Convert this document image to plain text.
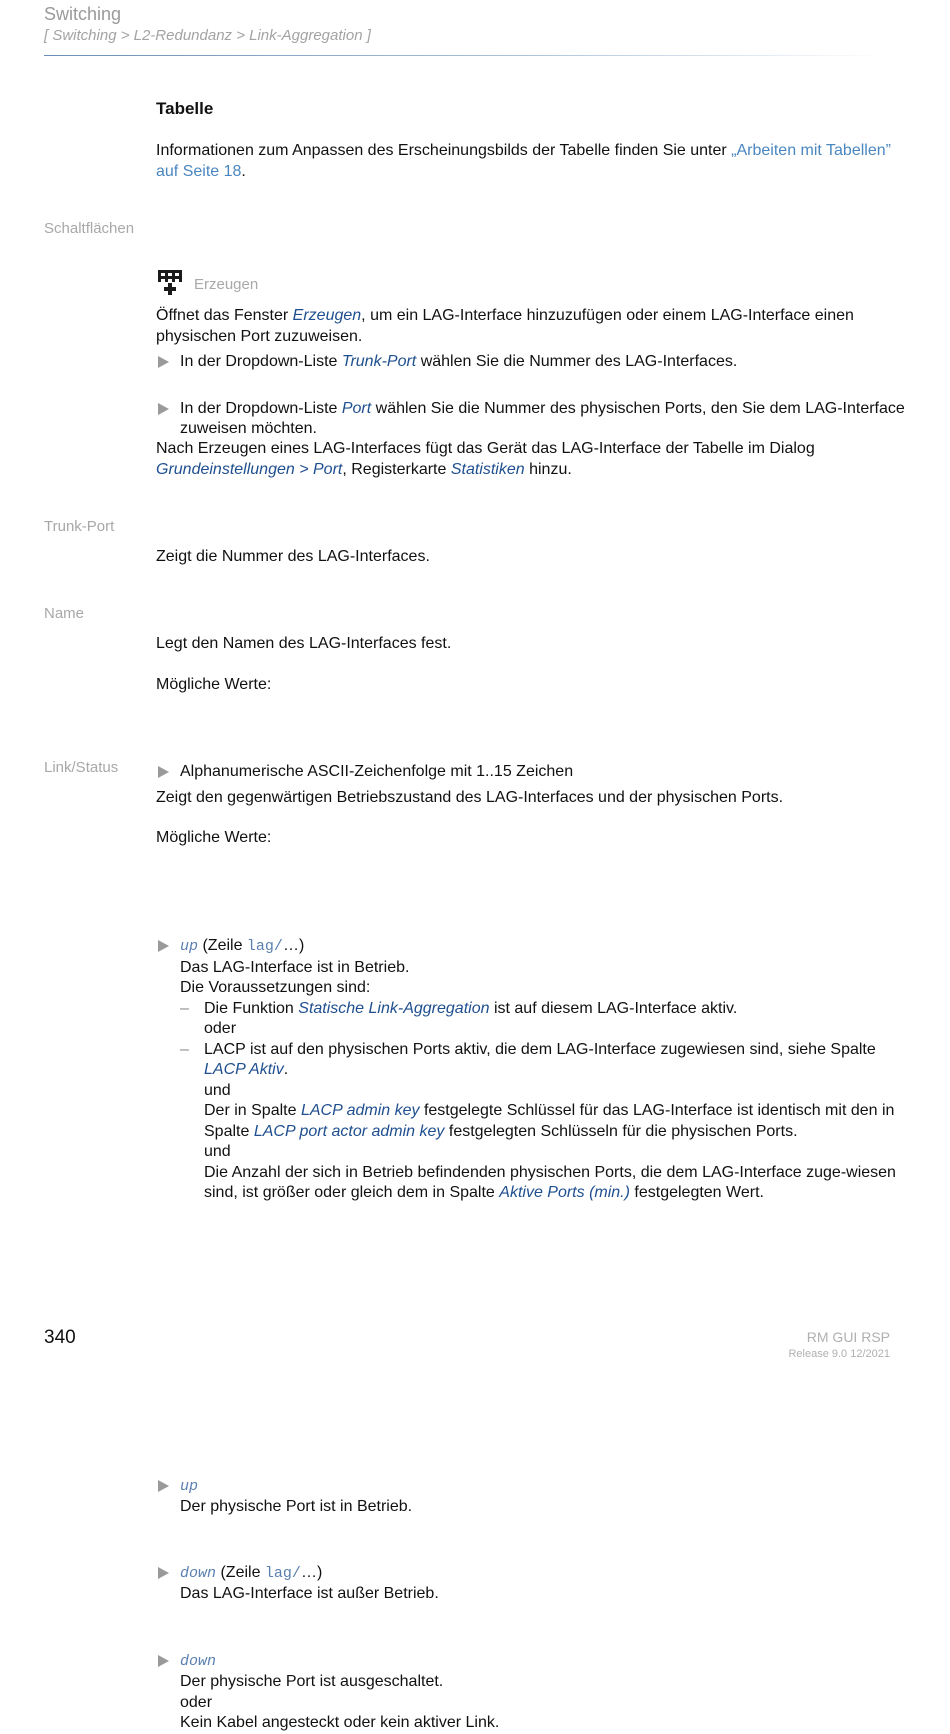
Switching
[ Switching > L2-Redundanz > Link-Aggregation ]
Tabelle
Informationen zum Anpassen des Erscheinungsbilds der Tabelle finden Sie unter „Arbeiten mit Tabellen” auf Seite 18.
Schaltflächen
Erzeugen
Öffnet das Fenster Erzeugen, um ein LAG-Interface hinzuzufügen oder einem LAG-Interface einen physischen Port zuzuweisen.
In der Dropdown-Liste Trunk-Port wählen Sie die Nummer des LAG-Interfaces.
In der Dropdown-Liste Port wählen Sie die Nummer des physischen Ports, den Sie dem LAG-Interface zuweisen möchten.
Nach Erzeugen eines LAG-Interfaces fügt das Gerät das LAG-Interface der Tabelle im Dialog Grundeinstellungen > Port, Registerkarte Statistiken hinzu.
Trunk-Port
Zeigt die Nummer des LAG-Interfaces.
Name
Legt den Namen des LAG-Interfaces fest.
Mögliche Werte:
Alphanumerische ASCII-Zeichenfolge mit 1..15 Zeichen
Link/Status
Zeigt den gegenwärtigen Betriebszustand des LAG-Interfaces und der physischen Ports.
Mögliche Werte:
up (Zeile lag/…)
Das LAG-Interface ist in Betrieb.
Die Voraussetzungen sind:
– Die Funktion Statische Link-Aggregation ist auf diesem LAG-Interface aktiv.
oder
– LACP ist auf den physischen Ports aktiv, die dem LAG-Interface zugewiesen sind, siehe Spalte LACP Aktiv.
und
Der in Spalte LACP admin key festgelegte Schlüssel für das LAG-Interface ist identisch mit den in Spalte LACP port actor admin key festgelegten Schlüsseln für die physischen Ports.
und
Die Anzahl der sich in Betrieb befindenden physischen Ports, die dem LAG-Interface zuge-wiesen sind, ist größer oder gleich dem in Spalte Aktive Ports (min.) festgelegten Wert.
up
Der physische Port ist in Betrieb.
down (Zeile lag/…)
Das LAG-Interface ist außer Betrieb.
down
Der physische Port ist ausgeschaltet.
oder
Kein Kabel angesteckt oder kein aktiver Link.
340	RM GUI RSP
Release 9.0 12/2021
